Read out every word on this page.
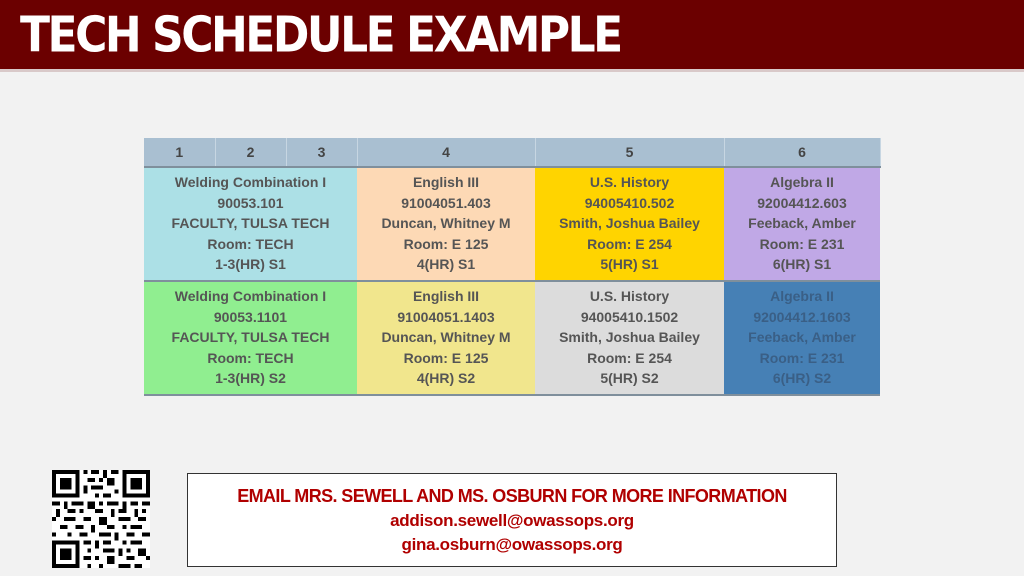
TECH SCHEDULE EXAMPLE
1	2	3	4	5	6

Welding Combination I
90053.101
FACULTY, TULSA TECH
Room: TECH
1-3(HR) S1			English III
91004051.403
Duncan, Whitney M
Room: E 125
4(HR) S1	U.S. History
94005410.502
Smith, Joshua Bailey
Room: E 254
5(HR) S1	Algebra II
92004412.603
Feeback, Amber
Room: E 231
6(HR) S1

Welding Combination I
90053.1101
FACULTY, TULSA TECH
Room: TECH
1-3(HR) S2			English III
91004051.1403
Duncan, Whitney M
Room: E 125
4(HR) S2	U.S. History
94005410.1502
Smith, Joshua Bailey
Room: E 254
5(HR) S2	Algebra II
92004412.1603
Feeback, Amber
Room: E 231
6(HR) S2
EMAIL MRS. SEWELL AND MS. OSBURN FOR MORE INFORMATION
addison.sewell@owassops.org
gina.osburn@owassops.org
